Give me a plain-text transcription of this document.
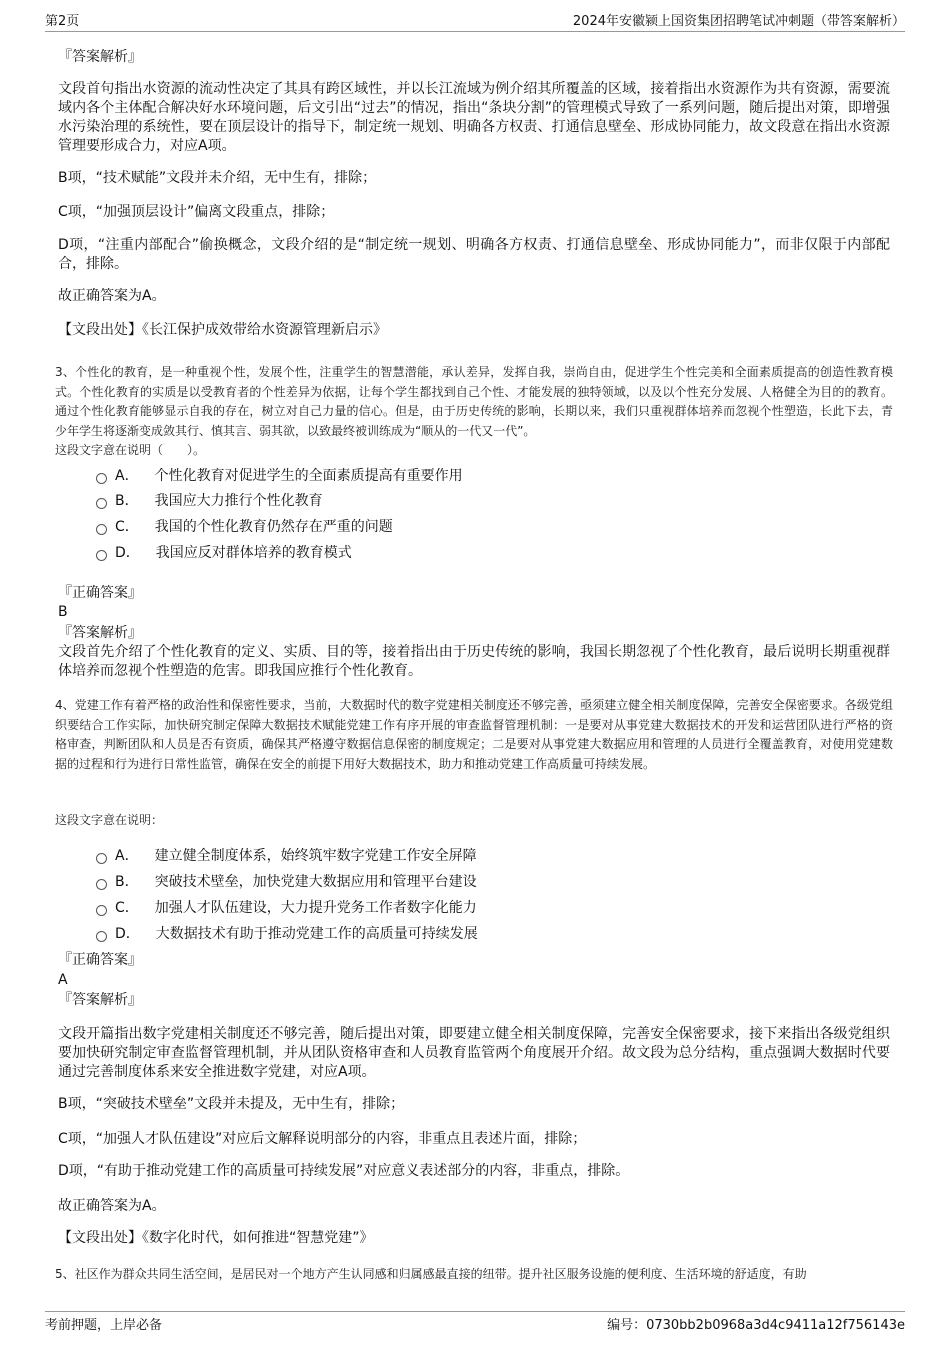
第2页	2024年安徽颍上国资集团招聘笔试冲刺题（带答案解析）
『答案解析』
文段首句指出水资源的流动性决定了其具有跨区域性，并以长江流域为例介绍其所覆盖的区域，接着指出水资源作为共有资源，需要流域内各个主体配合解决好水环境问题，后文引出“过去”的情况，指出“条块分割”的管理模式导致了一系列问题，随后提出对策，即增强水污染治理的系统性，要在顶层设计的指导下，制定统一规划、明确各方权责、打通信息壁垒、形成协同能力，故文段意在指出水资源管理要形成合力，对应A项。
B项，“技术赋能”文段并未介绍，无中生有，排除；
C项，“加强顶层设计”偏离文段重点，排除；
D项，“注重内部配合”偷换概念，文段介绍的是“制定统一规划、明确各方权责、打通信息壁垒、形成协同能力”，而非仅限于内部配合，排除。
故正确答案为A。
【文段出处】《长江保护成效带给水资源管理新启示》
3、个性化的教育，是一种重视个性，发展个性，注重学生的智慧潜能，承认差异，发挥自我，崇尚自由，促进学生个性完美和全面素质提高的创造性教育模式。个性化教育的实质是以受教育者的个性差异为依据，让每个学生都找到自己个性、才能发展的独特领域，以及以个性充分发展、人格健全为目的的教育。通过个性化教育能够显示自我的存在，树立对自己力量的信心。但是，由于历史传统的影响，长期以来，我们只重视群体培养而忽视个性塑造，长此下去，青少年学生将逐渐变成敛其行、慎其言、弱其欲，以致最终被训练成为“顺从的一代又一代”。
这段文字意在说明（　　）。
A． 个性化教育对促进学生的全面素质提高有重要作用
B． 我国应大力推行个性化教育
C． 我国的个性化教育仍然存在严重的问题
D． 我国应反对群体培养的教育模式
『正确答案』
B
『答案解析』
文段首先介绍了个性化教育的定义、实质、目的等，接着指出由于历史传统的影响，我国长期忽视了个性化教育，最后说明长期重视群体培养而忽视个性塑造的危害。即我国应推行个性化教育。
4、党建工作有着严格的政治性和保密性要求，当前，大数据时代的数字党建相关制度还不够完善，亟须建立健全相关制度保障，完善安全保密要求。各级党组织要结合工作实际，加快研究制定保障大数据技术赋能党建工作有序开展的审查监督管理机制：一是要对从事党建大数据技术的开发和运营团队进行严格的资格审查，判断团队和人员是否有资质，确保其严格遵守数据信息保密的制度规定；二是要对从事党建大数据应用和管理的人员进行全覆盖教育，对使用党建数据的过程和行为进行日常性监管，确保在安全的前提下用好大数据技术，助力和推动党建工作高质量可持续发展。
这段文字意在说明：
A． 建立健全制度体系，始终筑牢数字党建工作安全屏障
B． 突破技术壁垒，加快党建大数据应用和管理平台建设
C． 加强人才队伍建设，大力提升党务工作者数字化能力
D． 大数据技术有助于推动党建工作的高质量可持续发展
『正确答案』
A
『答案解析』
文段开篇指出数字党建相关制度还不够完善，随后提出对策，即要建立健全相关制度保障，完善安全保密要求，接下来指出各级党组织要加快研究制定审查监督管理机制，并从团队资格审查和人员教育监管两个角度展开介绍。故文段为总分结构，重点强调大数据时代要通过完善制度体系来安全推进数字党建，对应A项。
B项，“突破技术壁垒”文段并未提及，无中生有，排除；
C项，“加强人才队伍建设”对应后文解释说明部分的内容，非重点且表述片面，排除；
D项，“有助于推动党建工作的高质量可持续发展”对应意义表述部分的内容，非重点，排除。
故正确答案为A。
【文段出处】《数字化时代，如何推进“智慧党建”》
5、社区作为群众共同生活空间，是居民对一个地方产生认同感和归属感最直接的纽带。提升社区服务设施的便利度、生活环境的舒适度，有助
考前押题，上岸必备	编号：0730bb2b0968a3d4c9411a12f756143e
